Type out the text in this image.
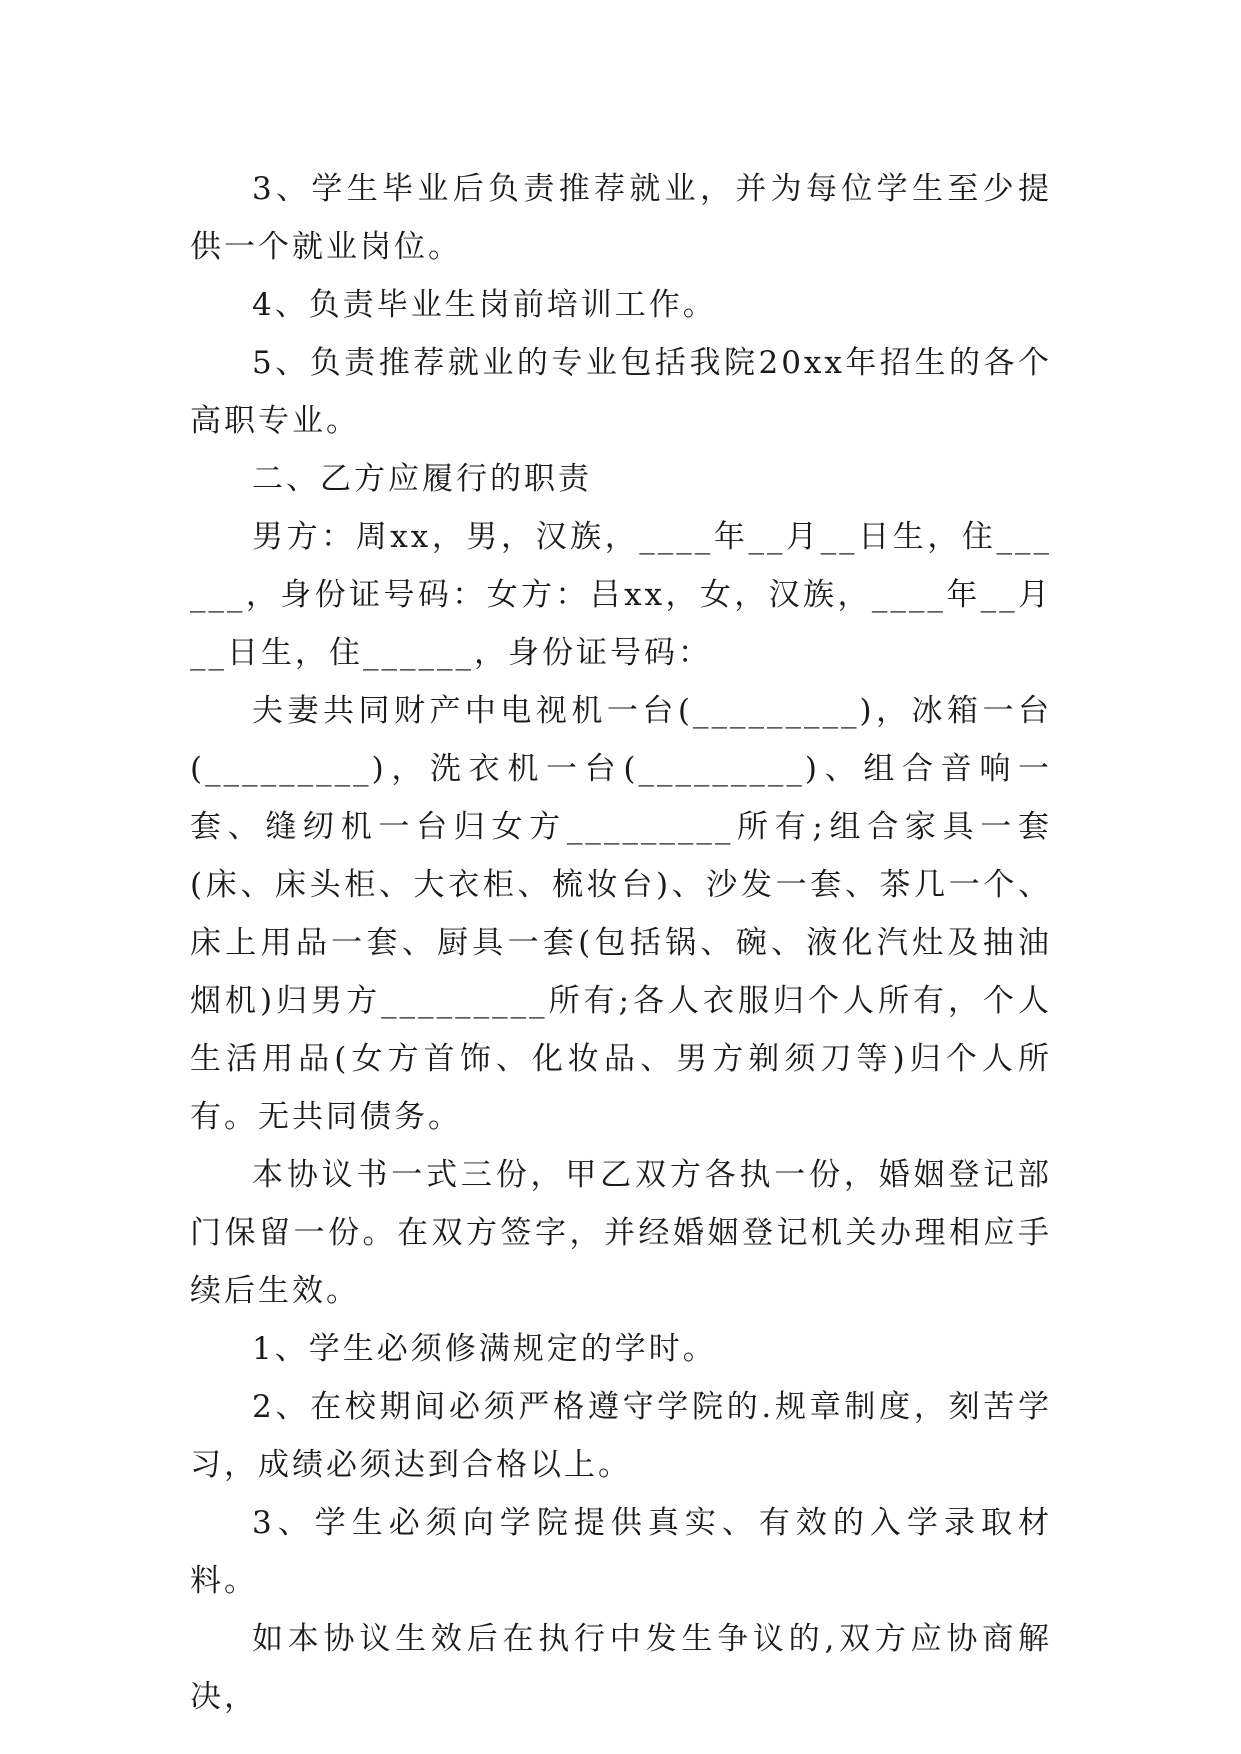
3、学生毕业后负责推荐就业，并为每位学生至少提供一个就业岗位。

4、负责毕业生岗前培训工作。

5、负责推荐就业的专业包括我院20xx年招生的各个高职专业。

二、乙方应履行的职责

男方：周xx，男，汉族，____年__月__日生，住______，身份证号码：女方：吕xx，女，汉族，____年__月__日生，住______，身份证号码：

夫妻共同财产中电视机一台(_________)，冰箱一台(_________)，洗衣机一台(_________)、组合音响一套、缝纫机一台归女方_________所有;组合家具一套(床、床头柜、大衣柜、梳妆台)、沙发一套、茶几一个、床上用品一套、厨具一套(包括锅、碗、液化汽灶及抽油烟机)归男方_________所有;各人衣服归个人所有，个人生活用品(女方首饰、化妆品、男方剃须刀等)归个人所有。无共同债务。

本协议书一式三份，甲乙双方各执一份，婚姻登记部门保留一份。在双方签字，并经婚姻登记机关办理相应手续后生效。

1、学生必须修满规定的学时。

2、在校期间必须严格遵守学院的.规章制度，刻苦学习，成绩必须达到合格以上。

3、学生必须向学院提供真实、有效的入学录取材料。

如本协议生效后在执行中发生争议的,双方应协商解决，
